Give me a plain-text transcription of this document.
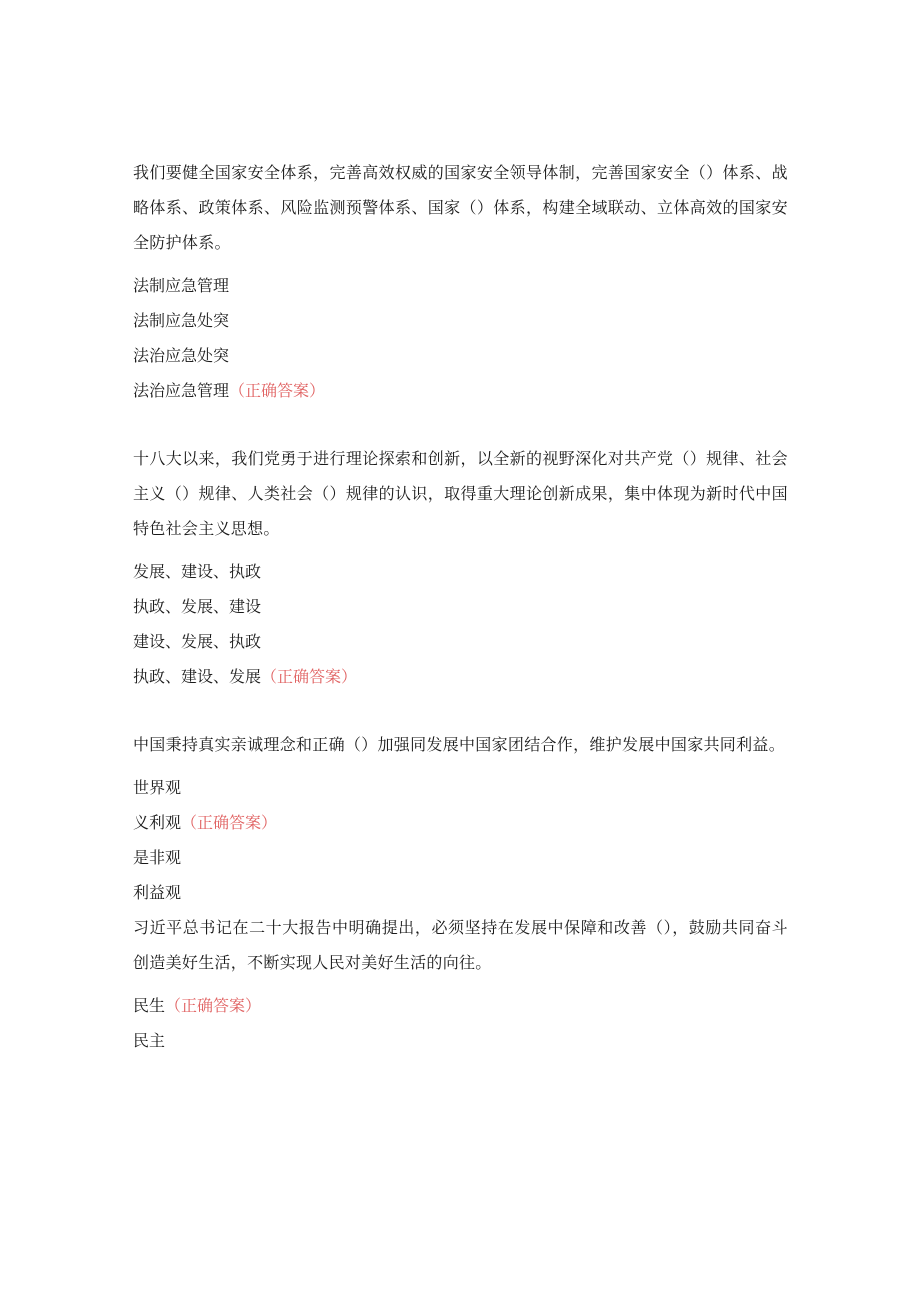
我们要健全国家安全体系，完善高效权威的国家安全领导体制，完善国家安全（）体系、战略体系、政策体系、风险监测预警体系、国家（）体系，构建全域联动、立体高效的国家安全防护体系。

法制应急管理
法制应急处突
法治应急处突
法治应急管理（正确答案）

十八大以来，我们党勇于进行理论探索和创新，以全新的视野深化对共产党（）规律、社会主义（）规律、人类社会（）规律的认识，取得重大理论创新成果，集中体现为新时代中国特色社会主义思想。

发展、建设、执政
执政、发展、建设
建设、发展、执政
执政、建设、发展（正确答案）

中国秉持真实亲诚理念和正确（）加强同发展中国家团结合作，维护发展中国家共同利益。

世界观
义利观（正确答案）
是非观
利益观

习近平总书记在二十大报告中明确提出，必须坚持在发展中保障和改善（），鼓励共同奋斗创造美好生活，不断实现人民对美好生活的向往。

民生（正确答案）
民主
